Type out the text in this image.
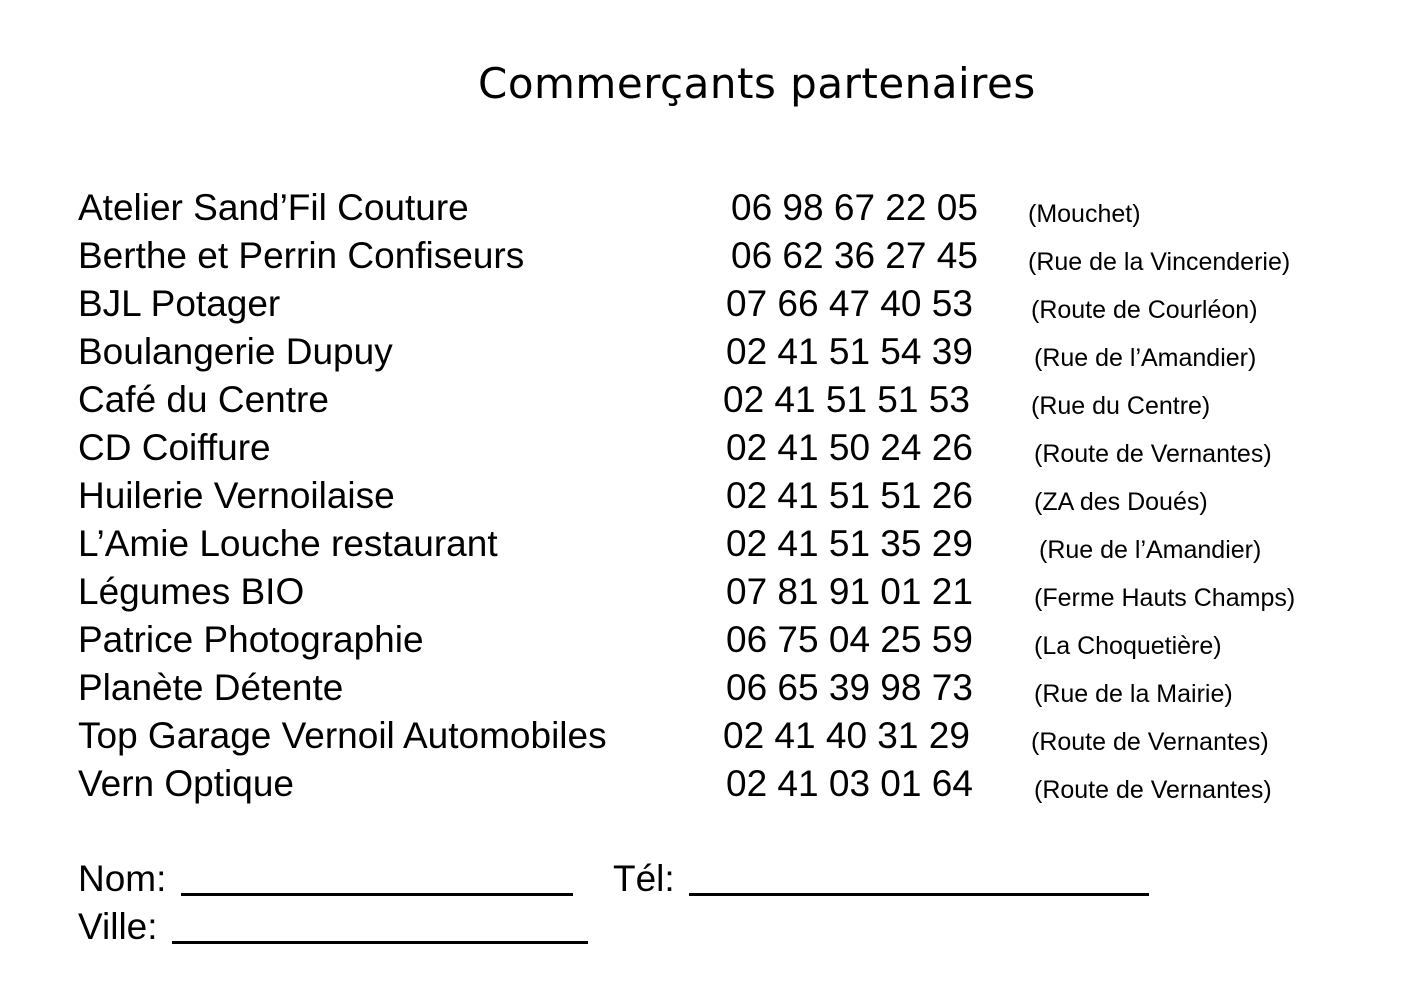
Commerçants partenaires
Atelier Sand’Fil Couture	06 98 67 22 05 (Mouchet)
Berthe et Perrin Confiseurs	06 62 36 27 45 (Rue de la Vincenderie)
BJL Potager	07 66 47 40 53 (Route de Courléon)
Boulangerie Dupuy	02 41 51 54 39 (Rue de l’Amandier)
Café du Centre	02 41 51 51 53 (Rue du Centre)
CD Coiffure	02 41 50 24 26 (Route de Vernantes)
Huilerie Vernoilaise	02 41 51 51 26 (ZA des Doués)
L’Amie Louche restaurant	02 41 51 35 29	(Rue de l’Amandier)
Légumes BIO	07 81 91 01 21 (Ferme Hauts Champs)
Patrice Photographie	06 75 04 25 59 (La Choquetière)
Planète Détente	06 65 39 98 73 (Rue de la Mairie)
Top Garage Vernoil Automobiles	02 41 40 31 29 (Route de Vernantes)
Vern Optique	02 41 03 01 64 (Route de Vernantes)
Nom:	Tél:
Ville:
